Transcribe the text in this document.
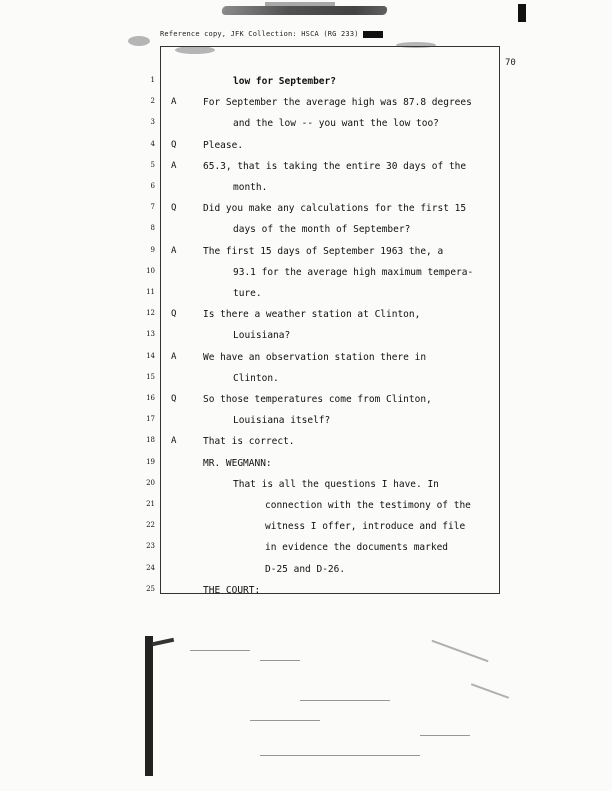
Reference copy, JFK Collection: HSCA (RG 233)
70
1	low for September?
2 A	For September the average high was 87.8 degrees
3	and the low -- you want the low too?
4 Q	Please.
5 A	65.3, that is taking the entire 30 days of the
6	month.
7 Q	Did you make any calculations for the first 15
8	days of the month of September?
9 A	The first 15 days of September 1963 the, a
10	93.1 for the average high maximum tempera-
11	ture.
12 Q	Is there a weather station at Clinton,
13	Louisiana?
14 A	We have an observation station there in
15	Clinton.
16 Q	So those temperatures come from Clinton,
17	Louisiana itself?
18 A	That is correct.
19	MR. WEGMANN:
20	That is all the questions I have. In
21	connection with the testimony of the
22	witness I offer, introduce and file
23	in evidence the documents marked
24	D-25 and D-26.
25	THE COURT:
